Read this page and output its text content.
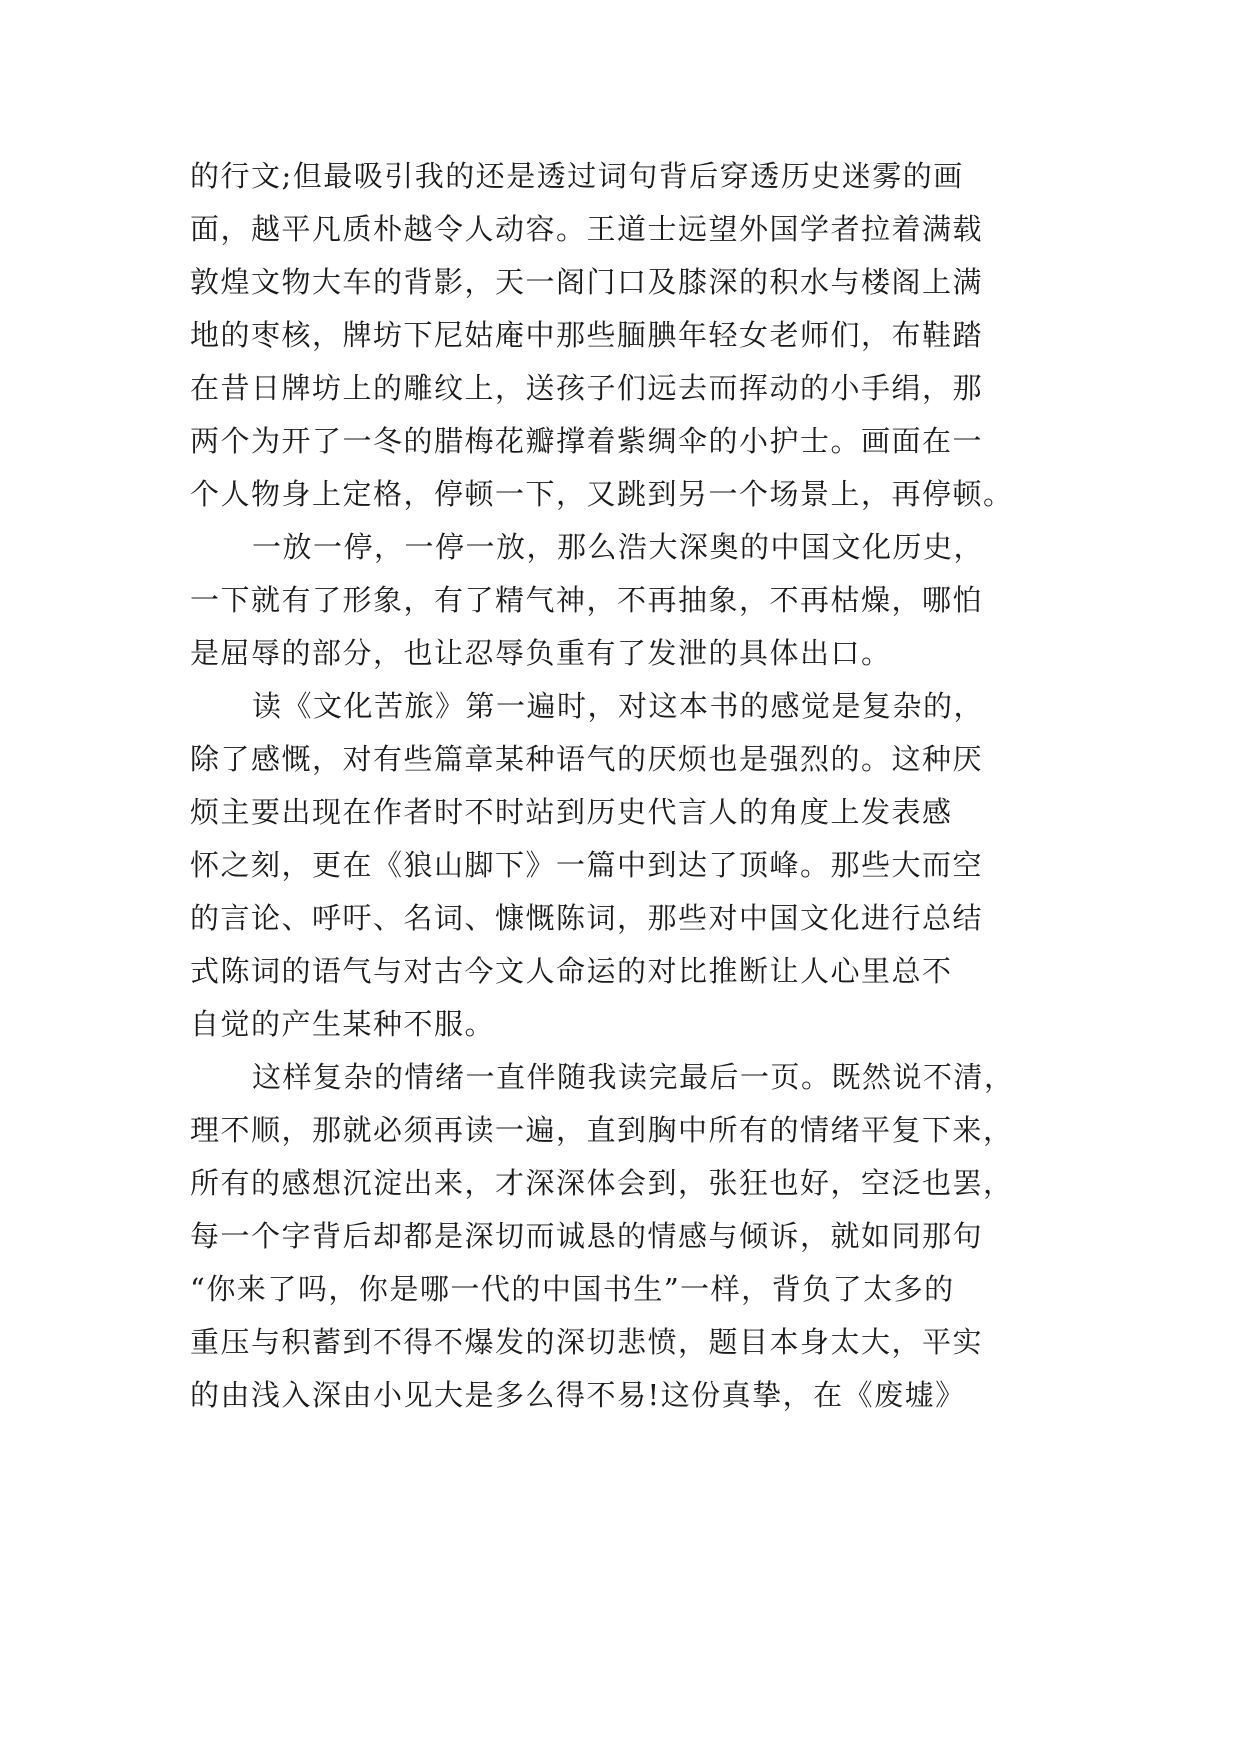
的行文;但最吸引我的还是透过词句背后穿透历史迷雾的画
面，越平凡质朴越令人动容。王道士远望外国学者拉着满载
敦煌文物大车的背影，天一阁门口及膝深的积水与楼阁上满
地的枣核，牌坊下尼姑庵中那些腼腆年轻女老师们，布鞋踏
在昔日牌坊上的雕纹上，送孩子们远去而挥动的小手绢，那
两个为开了一冬的腊梅花瓣撑着紫绸伞的小护士。画面在一
个人物身上定格，停顿一下，又跳到另一个场景上，再停顿。
一放一停，一停一放，那么浩大深奥的中国文化历史，
一下就有了形象，有了精气神，不再抽象，不再枯燥，哪怕
是屈辱的部分，也让忍辱负重有了发泄的具体出口。
读《文化苦旅》第一遍时，对这本书的感觉是复杂的，
除了感慨，对有些篇章某种语气的厌烦也是强烈的。这种厌
烦主要出现在作者时不时站到历史代言人的角度上发表感
怀之刻，更在《狼山脚下》一篇中到达了顶峰。那些大而空
的言论、呼吁、名词、慷慨陈词，那些对中国文化进行总结
式陈词的语气与对古今文人命运的对比推断让人心里总不
自觉的产生某种不服。
这样复杂的情绪一直伴随我读完最后一页。既然说不清，
理不顺，那就必须再读一遍，直到胸中所有的情绪平复下来，
所有的感想沉淀出来，才深深体会到，张狂也好，空泛也罢，
每一个字背后却都是深切而诚恳的情感与倾诉，就如同那句
“你来了吗，你是哪一代的中国书生”一样，背负了太多的
重压与积蓄到不得不爆发的深切悲愤，题目本身太大，平实
的由浅入深由小见大是多么得不易!这份真挚，在《废墟》
